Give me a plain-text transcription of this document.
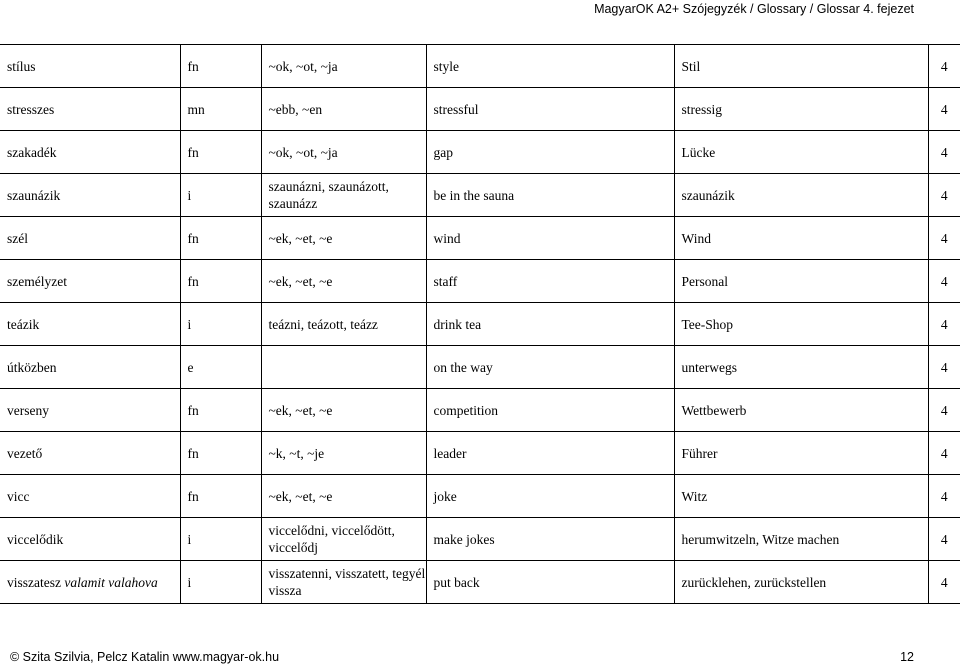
MagyarOK A2+ Szójegyzék / Glossary / Glossar 4. fejezet
stílus	fn	~ok, ~ot, ~ja	style	Stil	4
stresszes	mn	~ebb, ~en	stressful	stressig	4
szakadék	fn	~ok, ~ot, ~ja	gap	Lücke	4
szaunázik	i	szaunázni, szaunázott, szaunázz	be in the sauna	szaunázik	4
szél	fn	~ek, ~et, ~e	wind	Wind	4
személyzet	fn	~ek, ~et, ~e	staff	Personal	4
teázik	i	teázni, teázott, teázz	drink tea	Tee-Shop	4
útközben	e		on the way	unterwegs	4
verseny	fn	~ek, ~et, ~e	competition	Wettbewerb	4
vezető	fn	~k, ~t, ~je	leader	Führer	4
vicc	fn	~ek, ~et, ~e	joke	Witz	4
viccelődik	i	viccelődni, viccelődött, viccelődj	make jokes	herumwitzeln, Witze machen	4
visszatesz valamit valahova	i	visszatenni, visszatett, tegyél vissza	put back	zurücklehen, zurückstellen	4
© Szita Szilvia, Pelcz Katalin www.magyar-ok.hu	12
